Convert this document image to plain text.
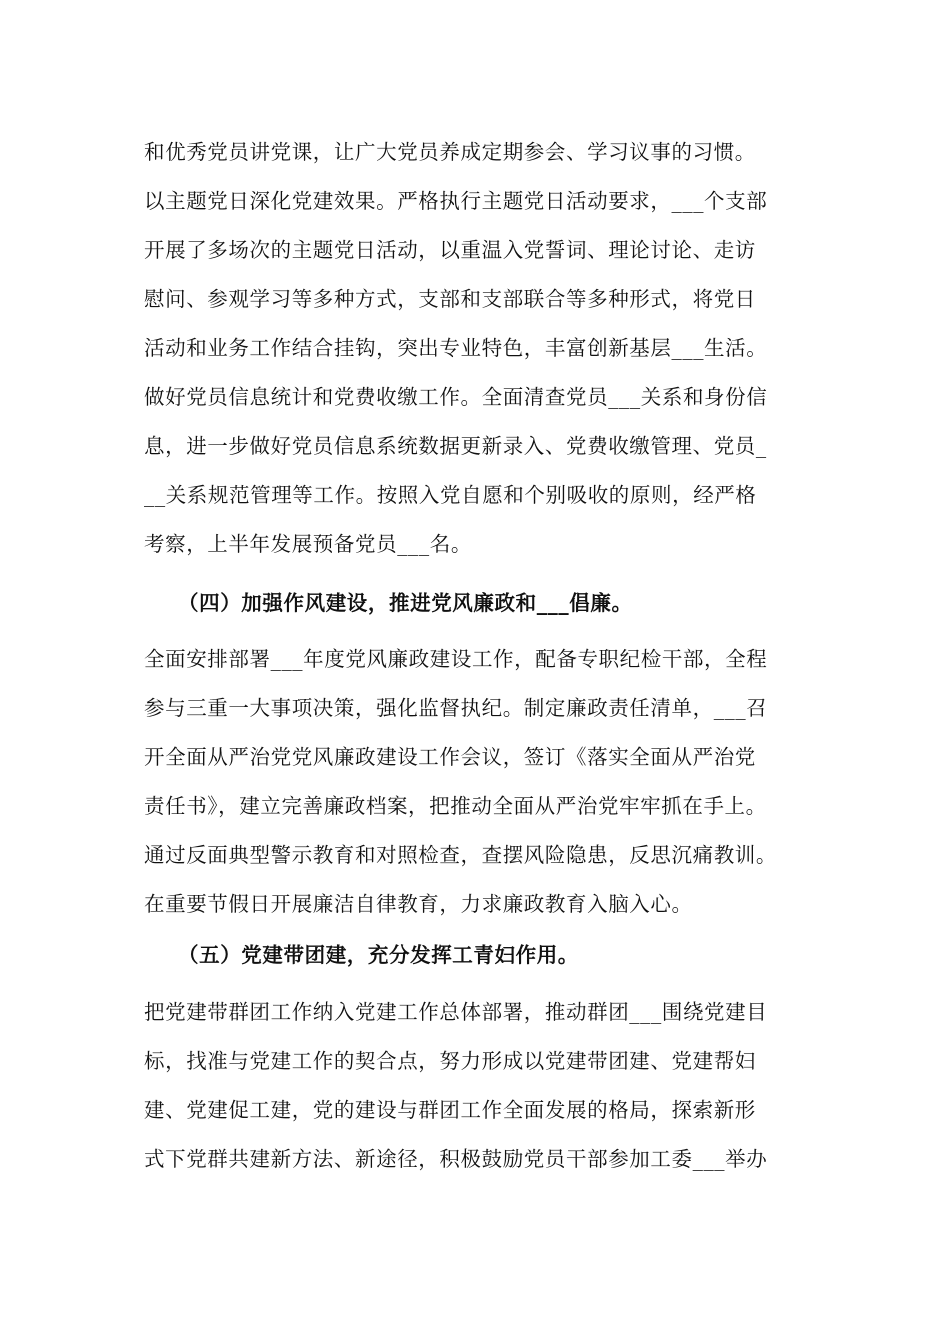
和优秀党员讲党课，让广大党员养成定期参会、学习议事的习惯。
以主题党日深化党建效果。严格执行主题党日活动要求，___个支部
开展了多场次的主题党日活动，以重温入党誓词、理论讨论、走访
慰问、参观学习等多种方式，支部和支部联合等多种形式，将党日
活动和业务工作结合挂钩，突出专业特色，丰富创新基层___生活。
做好党员信息统计和党费收缴工作。全面清查党员___关系和身份信
息，进一步做好党员信息系统数据更新录入、党费收缴管理、党员_
__关系规范管理等工作。按照入党自愿和个别吸收的原则，经严格
考察，上半年发展预备党员___名。
（四）加强作风建设，推进党风廉政和___倡廉。
全面安排部署___年度党风廉政建设工作，配备专职纪检干部，全程
参与三重一大事项决策，强化监督执纪。制定廉政责任清单，___召
开全面从严治党党风廉政建设工作会议，签订《落实全面从严治党
责任书》，建立完善廉政档案，把推动全面从严治党牢牢抓在手上。
通过反面典型警示教育和对照检查，查摆风险隐患，反思沉痛教训。
在重要节假日开展廉洁自律教育，力求廉政教育入脑入心。
（五）党建带团建，充分发挥工青妇作用。
把党建带群团工作纳入党建工作总体部署，推动群团___围绕党建目
标，找准与党建工作的契合点，努力形成以党建带团建、党建帮妇
建、党建促工建，党的建设与群团工作全面发展的格局，探索新形
式下党群共建新方法、新途径，积极鼓励党员干部参加工委___举办
